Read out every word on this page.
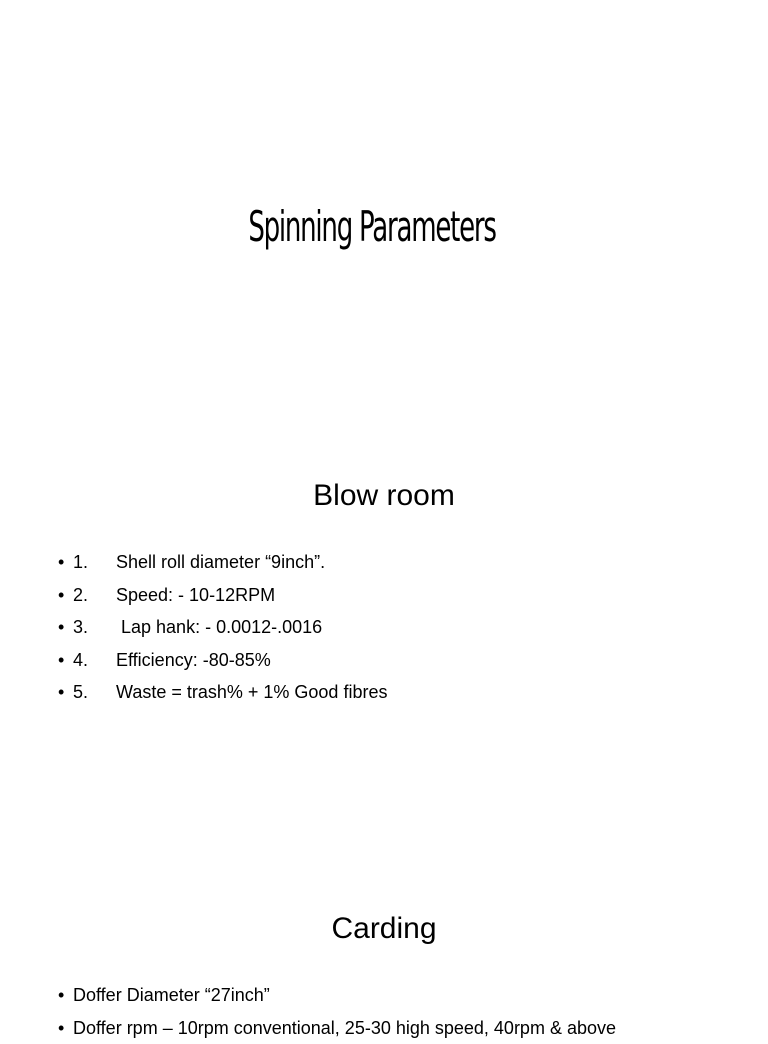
Spinning Parameters
Blow room
• 1. Shell roll diameter “9inch”.
• 2. Speed: - 10-12RPM
• 3. Lap hank: - 0.0012-.0016
• 4. Efficiency: -80-85%
• 5. Waste = trash% + 1% Good fibres
Carding
• Doffer Diameter “27inch”
• Doffer rpm – 10rpm conventional, 25-30 high speed, 40rpm & above
